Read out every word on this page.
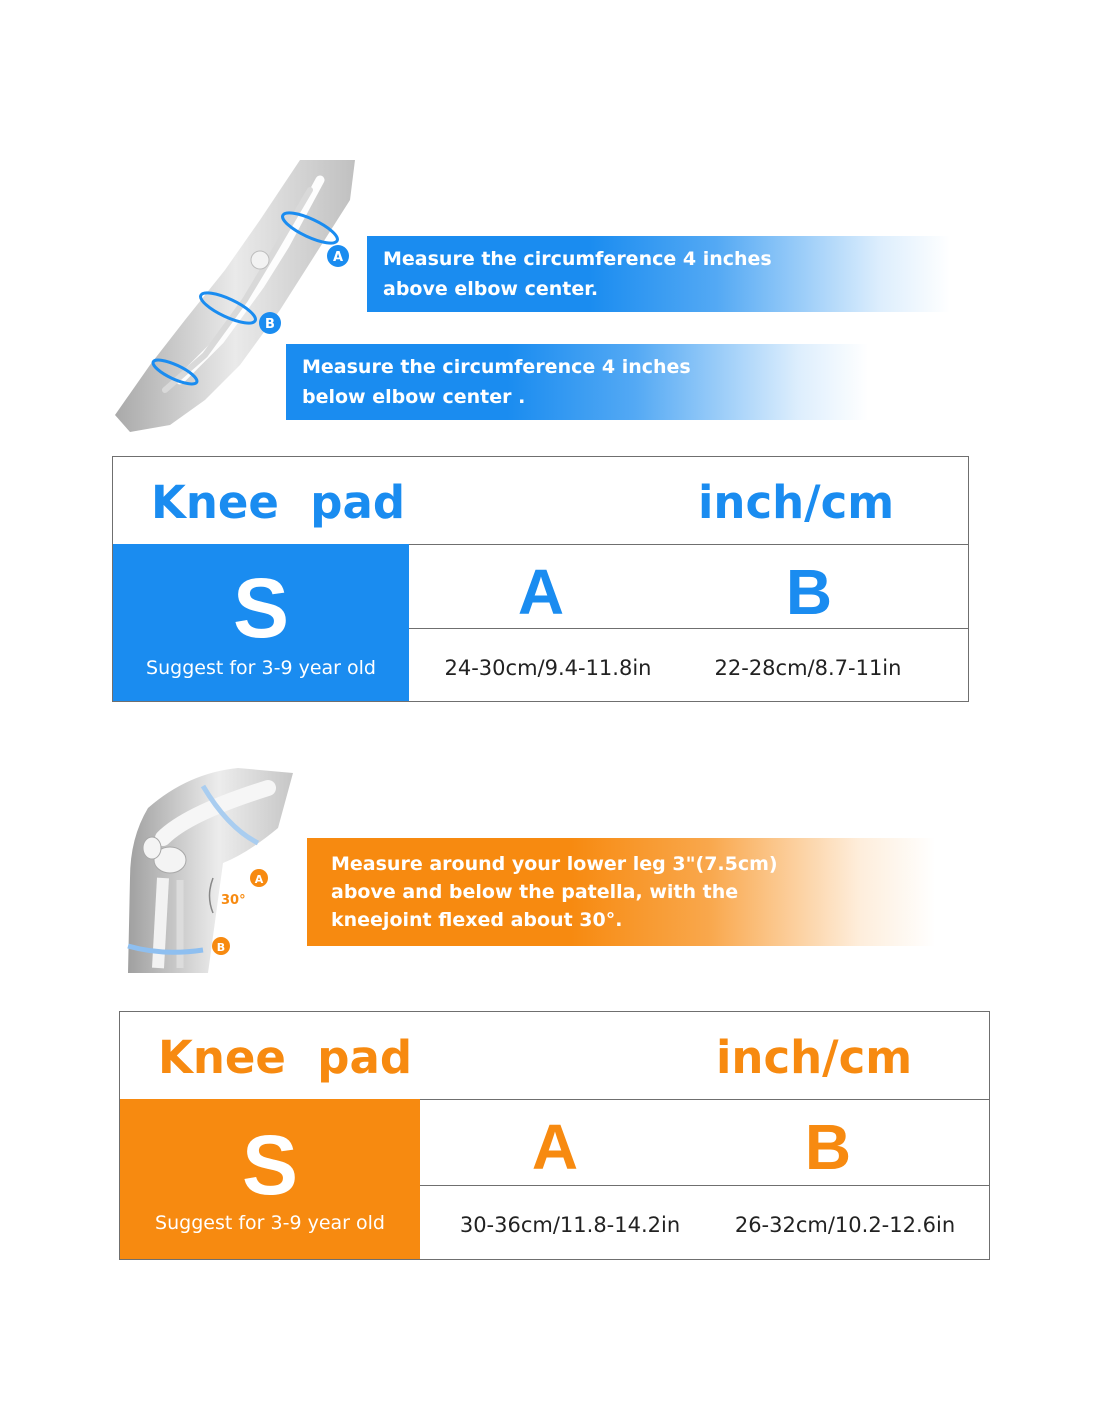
A
B
Measure the circumference 4 inches
above elbow center.
Measure the circumference 4 inches
below elbow center .
Knee  pad	inch/cm
S
Suggest for 3-9 year old
A	B
24-30cm/9.4-11.8in	22-28cm/8.7-11in
30°
A
B
Measure around your lower leg 3"(7.5cm)
above and below the patella, with the
kneejoint flexed about 30°.
Knee  pad	inch/cm
S
Suggest for 3-9 year old
A	B
30-36cm/11.8-14.2in	26-32cm/10.2-12.6in
